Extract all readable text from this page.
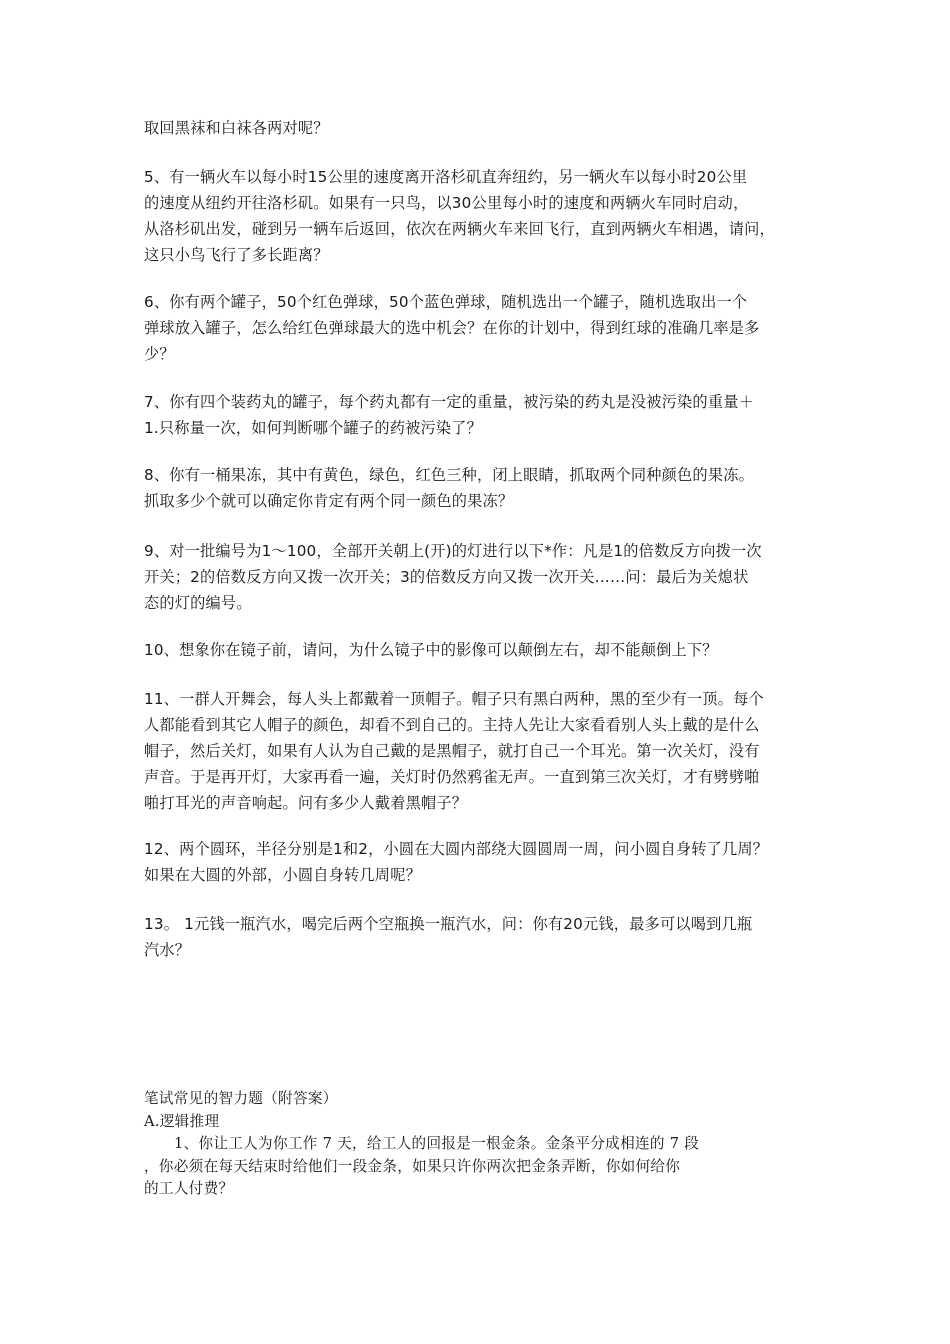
取回黑袜和白袜各两对呢？

5、有一辆火车以每小时15公里的速度离开洛杉矶直奔纽约，另一辆火车以每小时20公里

的速度从纽约开往洛杉矶。如果有一只鸟，以30公里每小时的速度和两辆火车同时启动，

从洛杉矶出发，碰到另一辆车后返回，依次在两辆火车来回飞行，直到两辆火车相遇，请问，

这只小鸟飞行了多长距离？

6、你有两个罐子，50个红色弹球，50个蓝色弹球，随机选出一个罐子，随机选取出一个

弹球放入罐子，怎么给红色弹球最大的选中机会？在你的计划中，得到红球的准确几率是多

少？

7、你有四个装药丸的罐子，每个药丸都有一定的重量，被污染的药丸是没被污染的重量＋

1.只称量一次，如何判断哪个罐子的药被污染了？

8、你有一桶果冻，其中有黄色，绿色，红色三种，闭上眼睛，抓取两个同种颜色的果冻。

抓取多少个就可以确定你肯定有两个同一颜色的果冻？

9、对一批编号为1～100，全部开关朝上(开)的灯进行以下*作：凡是1的倍数反方向拨一次

开关；2的倍数反方向又拨一次开关；3的倍数反方向又拨一次开关……问：最后为关熄状

态的灯的编号。

10、想象你在镜子前，请问，为什么镜子中的影像可以颠倒左右，却不能颠倒上下？

11、一群人开舞会，每人头上都戴着一顶帽子。帽子只有黑白两种，黑的至少有一顶。每个

人都能看到其它人帽子的颜色，却看不到自己的。主持人先让大家看看别人头上戴的是什么

帽子，然后关灯，如果有人认为自己戴的是黑帽子，就打自己一个耳光。第一次关灯，没有

声音。于是再开灯，大家再看一遍，关灯时仍然鸦雀无声。一直到第三次关灯，才有劈劈啪

啪打耳光的声音响起。问有多少人戴着黑帽子？

12、两个圆环，半径分别是1和2，小圆在大圆内部绕大圆圆周一周，问小圆自身转了几周？

如果在大圆的外部，小圆自身转几周呢？

13。 1元钱一瓶汽水，喝完后两个空瓶换一瓶汽水，问：你有20元钱，最多可以喝到几瓶

汽水？

笔试常见的智力题（附答案）

A.逻辑推理

1、你让工人为你工作 7 天，给工人的回报是一根金条。金条平分成相连的 7 段

，你必须在每天结束时给他们一段金条，如果只许你两次把金条弄断，你如何给你

的工人付费？
